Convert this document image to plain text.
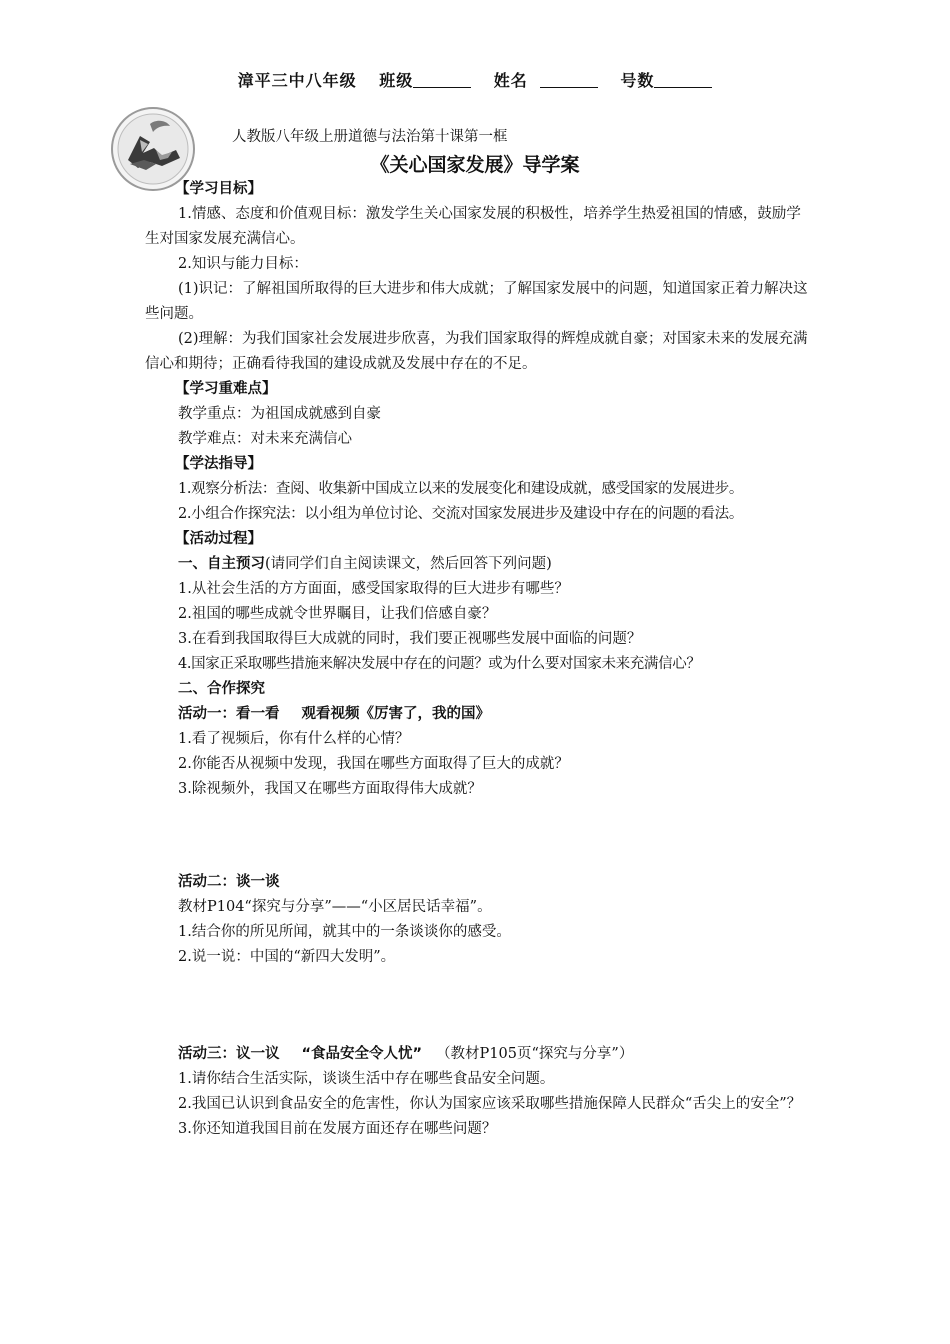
漳平三中八年级 班级	姓名	号数
人教版八年级上册道德与法治第十课第一框
《关心国家发展》导学案

【学习目标】

1.情感、态度和价值观目标：激发学生关心国家发展的积极性，培养学生热爱祖国的情感，鼓励学生对国家发展充满信心。

2.知识与能力目标：

(1)识记：了解祖国所取得的巨大进步和伟大成就；了解国家发展中的问题，知道国家正着力解决这些问题。

(2)理解：为我们国家社会发展进步欣喜，为我们国家取得的辉煌成就自豪；对国家未来的发展充满信心和期待；正确看待我国的建设成就及发展中存在的不足。

【学习重难点】

教学重点：为祖国成就感到自豪

教学难点：对未来充满信心

【学法指导】

1.观察分析法：查阅、收集新中国成立以来的发展变化和建设成就，感受国家的发展进步。

2.小组合作探究法：以小组为单位讨论、交流对国家发展进步及建设中存在的问题的看法。

【活动过程】

一、自主预习(请同学们自主阅读课文，然后回答下列问题)

1.从社会生活的方方面面，感受国家取得的巨大进步有哪些？

2.祖国的哪些成就令世界瞩目，让我们倍感自豪？

3.在看到我国取得巨大成就的同时，我们要正视哪些发展中面临的问题？

4.国家正采取哪些措施来解决发展中存在的问题？或为什么要对国家未来充满信心？

二、合作探究

活动一：看一看 观看视频《厉害了，我的国》

1.看了视频后，你有什么样的心情？

2.你能否从视频中发现，我国在哪些方面取得了巨大的成就？

3.除视频外，我国又在哪些方面取得伟大成就？

活动二：谈一谈

教材P104“探究与分享”——“小区居民话幸福”。

1.结合你的所见所闻，就其中的一条谈谈你的感受。

2.说一说：中国的“新四大发明”。

活动三：议一议 “食品安全令人忧” （教材P105页“探究与分享”）

1.请你结合生活实际，谈谈生活中存在哪些食品安全问题。

2.我国已认识到食品安全的危害性，你认为国家应该采取哪些措施保障人民群众“舌尖上的安全”？

3.你还知道我国目前在发展方面还存在哪些问题？
